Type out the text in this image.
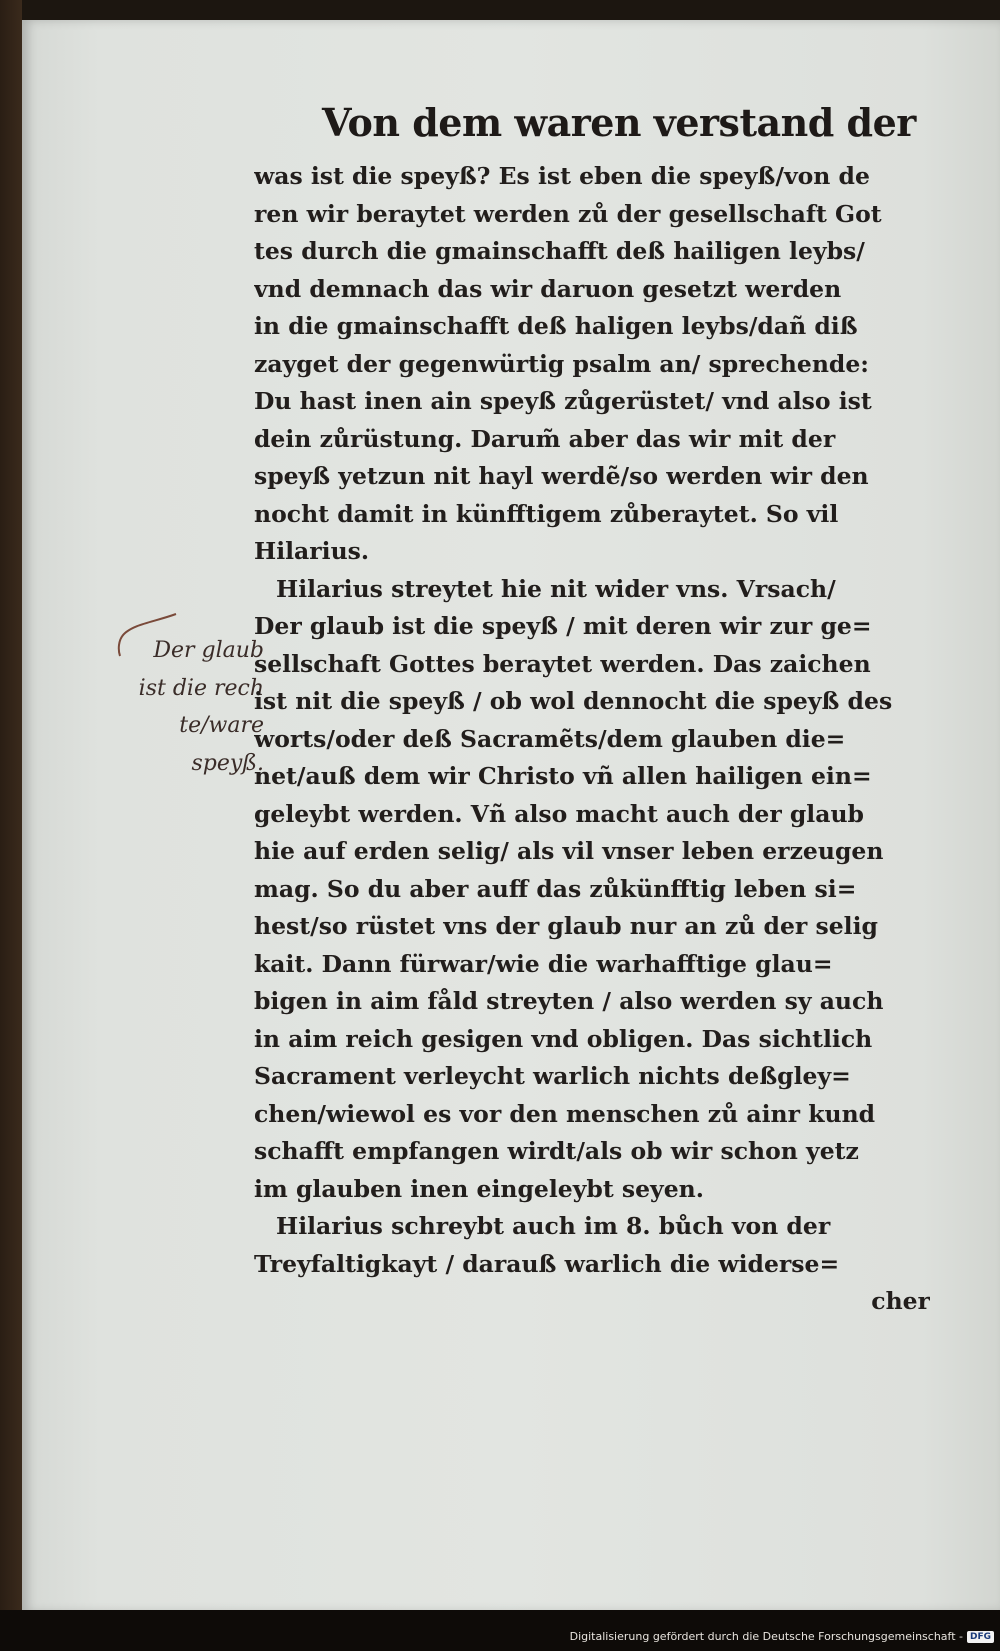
Von dem waren verstand der
Der glaub
ist die rech
te/ware
speyß.
was ist die speyß? Es ist eben die speyß/von de
ren wir beraytet werden zů der gesellschaft Got
tes durch die gmainschafft deß hailigen leybs/
vnd demnach das wir daruon gesetzt werden
in die gmainschafft deß haligen leybs/dañ diß
zayget der gegenwürtig psalm an/ sprechende:
Du hast inen ain speyß zůgerüstet/ vnd also ist
dein zůrüstung. Darum̃ aber das wir mit der
speyß yetzun nit hayl werdẽ/so werden wir den
nocht damit in künfftigem zůberaytet. So vil
Hilarius.
Hilarius streytet hie nit wider vns. Vrsach/
Der glaub ist die speyß / mit deren wir zur ge=
sellschaft Gottes beraytet werden. Das zaichen
ist nit die speyß / ob wol dennocht die speyß des
worts/oder deß Sacramẽts/dem glauben die=
net/auß dem wir Christo vñ allen hailigen ein=
geleybt werden. Vñ also macht auch der glaub
hie auf erden selig/ als vil vnser leben erzeugen
mag. So du aber auff das zůkünfftig leben si=
hest/so rüstet vns der glaub nur an zů der selig
kait. Dann fürwar/wie die warhafftige glau=
bigen in aim fåld streyten / also werden sy auch
in aim reich gesigen vnd obligen. Das sichtlich
Sacrament verleycht warlich nichts deßgley=
chen/wiewol es vor den menschen zů ainr kund
schafft empfangen wirdt/als ob wir schon yetz
im glauben inen eingeleybt seyen.
Hilarius schreybt auch im 8. bůch von der
Treyfaltigkayt / darauß warlich die widerse=
cher
Digitalisierung gefördert durch die Deutsche Forschungsgemeinschaft - DFG
